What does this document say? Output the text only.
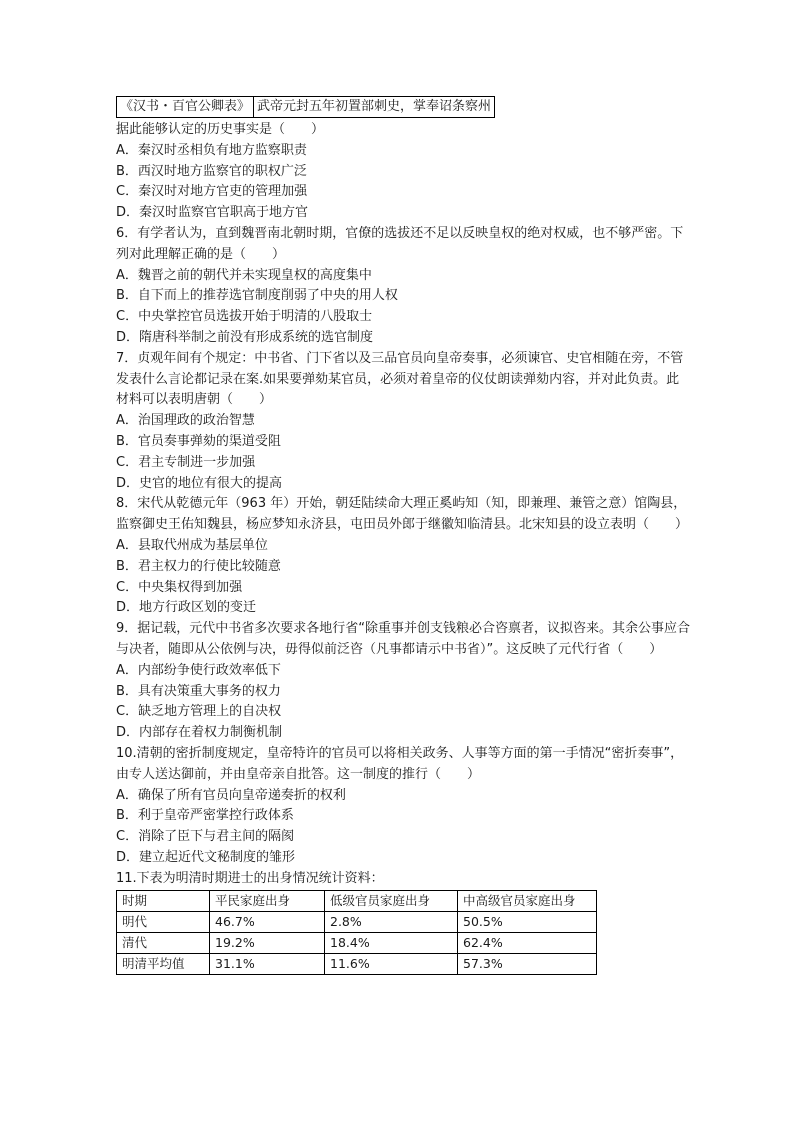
《汉书・百官公卿表》	武帝元封五年初置部刺史，掌奉诏条察州
据此能够认定的历史事实是（　　）
A．秦汉时丞相负有地方监察职责
B．西汉时地方监察官的职权广泛
C．秦汉时对地方官吏的管理加强
D．秦汉时监察官官职高于地方官
6．有学者认为，直到魏晋南北朝时期，官僚的选拔还不足以反映皇权的绝对权威，也不够严密。下列对此理解正确的是（　　）
A．魏晋之前的朝代并未实现皇权的高度集中
B．自下而上的推荐选官制度削弱了中央的用人权
C．中央掌控官员选拔开始于明清的八股取士
D．隋唐科举制之前没有形成系统的选官制度
7．贞观年间有个规定：中书省、门下省以及三品官员向皇帝奏事，必须谏官、史官相随在旁，不管发表什么言论都记录在案.如果要弹劾某官员，必须对着皇帝的仪仗朗读弹劾内容，并对此负责。此材料可以表明唐朝（　　）
A．治国理政的政治智慧
B．官员奏事弹劾的渠道受阻
C．君主专制进一步加强
D．史官的地位有很大的提高
8．宋代从乾德元年（963 年）开始，朝廷陆续命大理正奚屿知（知，即兼理、兼管之意）馆陶县，监察御史王佑知魏县，杨应梦知永济县，屯田员外郎于继徽知临清县。北宋知县的设立表明（　　）
A．县取代州成为基层单位
B．君主权力的行使比较随意
C．中央集权得到加强
D．地方行政区划的变迁
9．据记载，元代中书省多次要求各地行省“除重事并创支钱粮必合咨禀者，议拟咨来。其余公事应合与决者，随即从公依例与决，毋得似前泛咨（凡事都请示中书省）”。这反映了元代行省（　　）
A．内部纷争使行政效率低下
B．具有决策重大事务的权力
C．缺乏地方管理上的自决权
D．内部存在着权力制衡机制
10.清朝的密折制度规定，皇帝特许的官员可以将相关政务、人事等方面的第一手情况“密折奏事”，由专人送达御前，并由皇帝亲自批答。这一制度的推行（　　）
A．确保了所有官员向皇帝递奏折的权利
B．利于皇帝严密掌控行政体系
C．消除了臣下与君主间的隔阂
D．建立起近代文秘制度的雏形
11.下表为明清时期进士的出身情况统计资料：
时期	平民家庭出身	低级官员家庭出身	中高级官员家庭出身
明代	46.7%	2.8%	50.5%
清代	19.2%	18.4%	62.4%
明清平均值	31.1%	11.6%	57.3%
